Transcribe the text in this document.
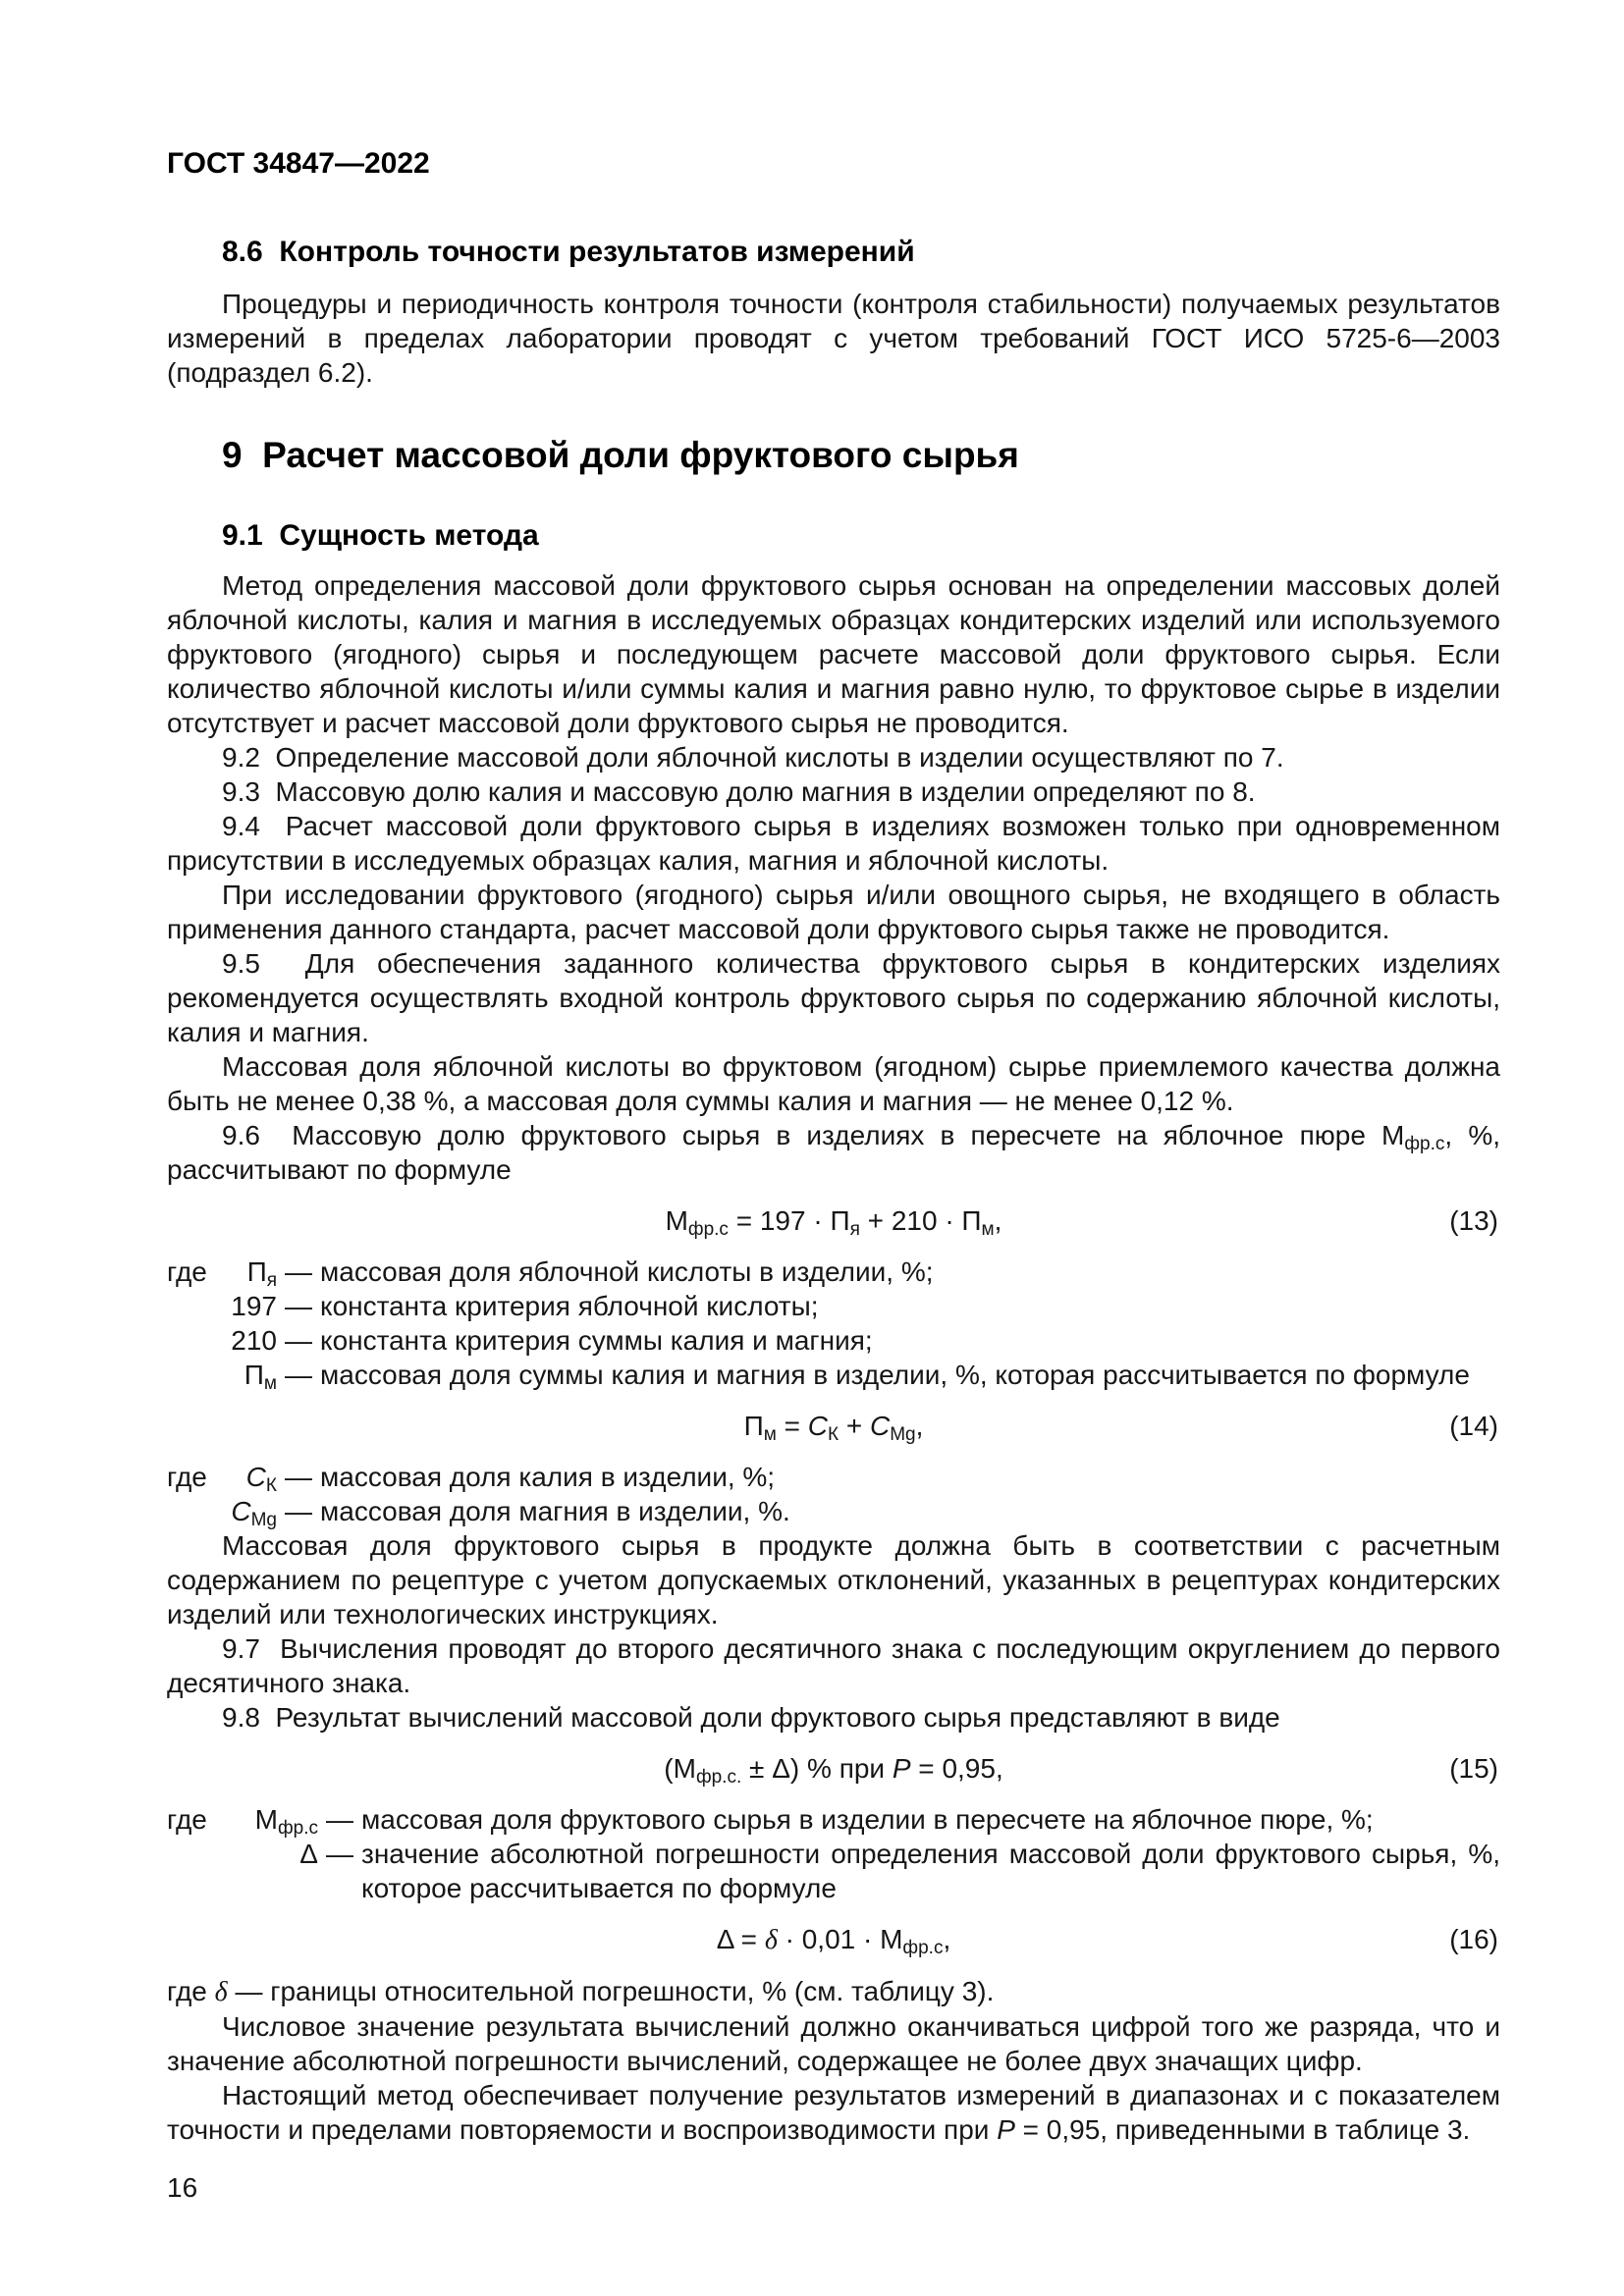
ГОСТ 34847—2022
8.6  Контроль точности результатов измерений

Процедуры и периодичность контроля точности (контроля стабильности) получаемых результатов измерений в пределах лаборатории проводят с учетом требований ГОСТ ИСО 5725-6—2003 (подраздел 6.2).

9  Расчет массовой доли фруктового сырья
9.1  Сущность метода

Метод определения массовой доли фруктового сырья основан на определении массовых долей яблочной кислоты, калия и магния в исследуемых образцах кондитерских изделий или используемого фруктового (ягодного) сырья и последующем расчете массовой доли фруктового сырья. Если количество яблочной кислоты и/или суммы калия и магния равно нулю, то фруктовое сырье в изделии отсутствует и расчет массовой доли фруктового сырья не проводится.

9.2  Определение массовой доли яблочной кислоты в изделии осуществляют по 7.

9.3  Массовую долю калия и массовую долю магния в изделии определяют по 8.

9.4  Расчет массовой доли фруктового сырья в изделиях возможен только при одновременном присутствии в исследуемых образцах калия, магния и яблочной кислоты.

При исследовании фруктового (ягодного) сырья и/или овощного сырья, не входящего в область применения данного стандарта, расчет массовой доли фруктового сырья также не проводится.

9.5  Для обеспечения заданного количества фруктового сырья в кондитерских изделиях рекомендуется осуществлять входной контроль фруктового сырья по содержанию яблочной кислоты, калия и магния.

Массовая доля яблочной кислоты во фруктовом (ягодном) сырье приемлемого качества должна быть не менее 0,38 %, а массовая доля суммы калия и магния — не менее 0,12 %.

9.6  Массовую долю фруктового сырья в изделиях в пересчете на яблочное пюре Мфр.с, %, рассчитывают по формуле

Мфр.с = 197 · Пя + 210 · Пм,	(13)
где	Пя — массовая доля яблочной кислоты в изделии, %;
197 — константа критерия яблочной кислоты;
210 — константа критерия суммы калия и магния;
Пм — массовая доля суммы калия и магния в изделии, %, которая рассчитывается по формуле
Пм = СК + СMg,	(14)
где	СК — массовая доля калия в изделии, %;
СMg — массовая доля магния в изделии, %.

Массовая доля фруктового сырья в продукте должна быть в соответствии с расчетным содержанием по рецептуре с учетом допускаемых отклонений, указанных в рецептурах кондитерских изделий или технологических инструкциях.

9.7  Вычисления проводят до второго десятичного знака с последующим округлением до первого десятичного знака.

9.8  Результат вычислений массовой доли фруктового сырья представляют в виде

(Мфр.с. ± Δ) % при P = 0,95,	(15)
где	Мфр.с — массовая доля фруктового сырья в изделии в пересчете на яблочное пюре, %;
Δ — значение абсолютной погрешности определения массовой доли фруктового сырья, %, которое рассчитывается по формуле
Δ = δ · 0,01 · Мфр.с,	(16)

где δ — границы относительной погрешности, % (см. таблицу 3).

Числовое значение результата вычислений должно оканчиваться цифрой того же разряда, что и значение абсолютной погрешности вычислений, содержащее не более двух значащих цифр.

Настоящий метод обеспечивает получение результатов измерений в диапазонах и с показателем точности и пределами повторяемости и воспроизводимости при P = 0,95, приведенными в таблице 3.

16
